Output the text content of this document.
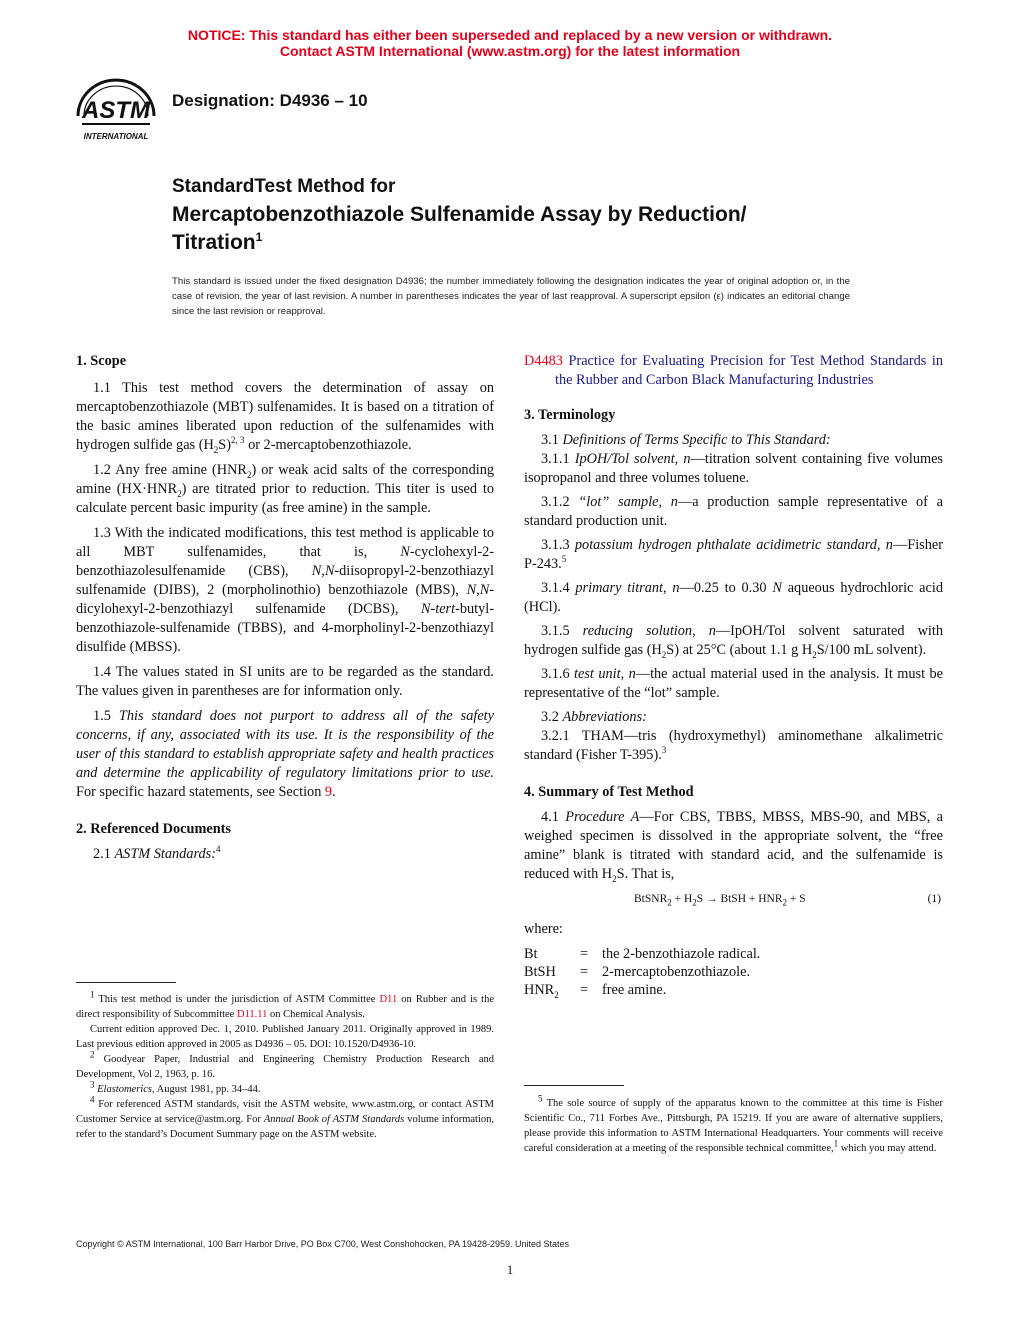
NOTICE: This standard has either been superseded and replaced by a new version or withdrawn.
Contact ASTM International (www.astm.org) for the latest information
ASTM
INTERNATIONAL
Designation: D4936 – 10
StandardTest Method for
Mercaptobenzothiazole Sulfenamide Assay by Reduction/
Titration$^1$
This standard is issued under the fixed designation D4936; the number immediately following the designation indicates the year of original adoption or, in the case of revision, the year of last revision. A number in parentheses indicates the year of last reapproval. A superscript epsilon (ε) indicates an editorial change since the last revision or reapproval.

1. Scope

1.1 This test method covers the determination of assay on mercaptobenzothiazole (MBT) sulfenamides. It is based on a titration of the basic amines liberated upon reduction of the sulfenamides with hydrogen sulfide gas $(H_2S)^{2, 3}$ or 2-mercaptobenzothiazole.

1.2 Any free amine $(HNR_2)$ or weak acid salts of the corresponding amine $(HX\cdot HNR_2)$ are titrated prior to reduction. This titer is used to calculate percent basic impurity (as free amine) in the sample.

1.3 With the indicated modifications, this test method is applicable to all MBT sulfenamides, that is, N-cyclohexyl-2-benzothiazolesulfenamide (CBS), N,N-diisopropyl-2-benzothiazyl sulfenamide (DIBS), 2 (morpholinothio) benzothiazole (MBS), N,N-dicylohexyl-2-benzothiazyl sulfenamide (DCBS), N-tert-butyl-benzothiazole-sulfenamide (TBBS), and 4-morpholinyl-2-benzothiazyl disulfide (MBSS).

1.4 The values stated in SI units are to be regarded as the standard. The values given in parentheses are for information only.

1.5 This standard does not purport to address all of the safety concerns, if any, associated with its use. It is the responsibility of the user of this standard to establish appropriate safety and health practices and determine the applicability of regulatory limitations prior to use. For specific hazard statements, see Section 9.

2. Referenced Documents

2.1 ASTM Standards:$^4$

$^1$ This test method is under the jurisdiction of ASTM Committee D11 on Rubber and is the direct responsibility of Subcommittee D11.11 on Chemical Analysis.

Current edition approved Dec. 1, 2010. Published January 2011. Originally approved in 1989. Last previous edition approved in 2005 as D4936 – 05. DOI: 10.1520/D4936-10.

$^2$ Goodyear Paper, Industrial and Engineering Chemistry Production Research and Development, Vol 2, 1963, p. 16.

$^3$ Elastomerics, August 1981, pp. 34–44.

$^4$ For referenced ASTM standards, visit the ASTM website, www.astm.org, or contact ASTM Customer Service at service@astm.org. For Annual Book of ASTM Standards volume information, refer to the standard’s Document Summary page on the ASTM website.

D4483 Practice for Evaluating Precision for Test Method Standards in the Rubber and Carbon Black Manufacturing Industries

3. Terminology

3.1 Definitions of Terms Specific to This Standard:

3.1.1 IpOH/Tol solvent, n—titration solvent containing five volumes isopropanol and three volumes toluene.

3.1.2 “lot” sample, n—a production sample representative of a standard production unit.

3.1.3 potassium hydrogen phthalate acidimetric standard, n—Fisher P-243.$^5$

3.1.4 primary titrant, n—0.25 to 0.30 N aqueous hydrochloric acid (HCl).

3.1.5 reducing solution, n—IpOH/Tol solvent saturated with hydrogen sulfide gas $(H_2S)$ at 25°C (about 1.1 g $H_2S/100$ mL solvent).

3.1.6 test unit, n—the actual material used in the analysis. It must be representative of the “lot” sample.

3.2 Abbreviations:

3.2.1 THAM—tris (hydroxymethyl) aminomethane alkalimetric standard (Fisher T-395).$^3$

4. Summary of Test Method

4.1 Procedure A—For CBS, TBBS, MBSS, MBS-90, and MBS, a weighed specimen is dissolved in the appropriate solvent, the “free amine” blank is titrated with standard acid, and the sulfenamide is reduced with $H_2S$. That is,

BtSNR$_2$ + $H_2S$ → BtSH + $HNR_2 + S$	(1)

where:

Bt	=	the 2-benzothiazole radical.
BtSH	=	2-mercaptobenzothiazole.
$HNR_2$	=	free amine.

$^5$ The sole source of supply of the apparatus known to the committee at this time is Fisher Scientific Co., 711 Forbes Ave., Pittsburgh, PA 15219. If you are aware of alternative suppliers, please provide this information to ASTM International Headquarters. Your comments will receive careful consideration at a meeting of the responsible technical committee,$^1$ which you may attend.

Copyright © ASTM International, 100 Barr Harbor Drive, PO Box C700, West Conshohocken, PA 19428-2959. United States
1
